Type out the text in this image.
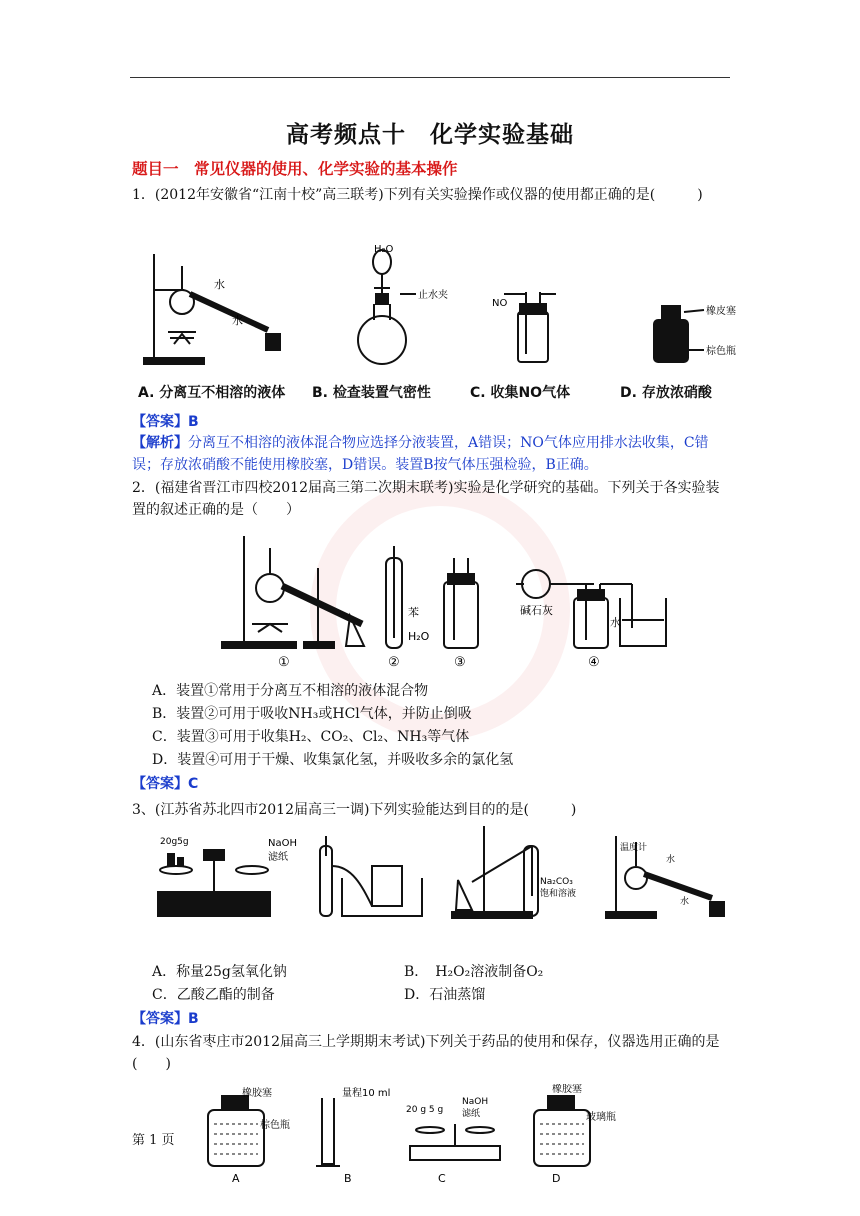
高考频点十　化学实验基础
题目一　常见仪器的使用、化学实验的基本操作
1．(2012年安徽省“江南十校”高三联考)下列有关实验操作或仪器的使用都正确的是(　　　)
水
水
H₂O
止水夹
NO
橡皮塞
棕色瓶
A. 分离互不相溶的液体 B. 检查装置气密性	C. 收集NO气体	D. 存放浓硝酸
【答案】B
【解析】分离互不相溶的液体混合物应选择分液装置，A错误；NO气体应用排水法收集，C错误；存放浓硝酸不能使用橡胶塞，D错误。装置B按气体压强检验，B正确。
2．(福建省晋江市四校2012届高三第二次期末联考)实验是化学研究的基础。下列关于各实验装置的叙述正确的是（　　）
苯
H₂O
碱石灰
水
①	②	③	④
A．装置①常用于分离互不相溶的液体混合物
B．装置②可用于吸收NH₃或HCl气体，并防止倒吸
C．装置③可用于收集H₂、CO₂、Cl₂、NH₃等气体
D．装置④可用于干燥、收集氯化氢，并吸收多余的氯化氢
【答案】C
3、(江苏省苏北四市2012届高三一调)下列实验能达到目的的是(　　　)
20g5g	NaOH
滤纸
Na₂CO₃
饱和溶液
温度计
水
水
A．称量25g氢氧化钠	B．　H₂O₂溶液制备O₂
C．乙酸乙酯的制备	D．石油蒸馏
【答案】B
4．(山东省枣庄市2012届高三上学期期末考试)下列关于药品的使用和保存，仪器选用正确的是(　　)
橡胶塞
棕色瓶
量程10 ml
20 g 5 g
NaOH
滤纸
橡胶塞
玻璃瓶
A	B	C	D
第 1 页
